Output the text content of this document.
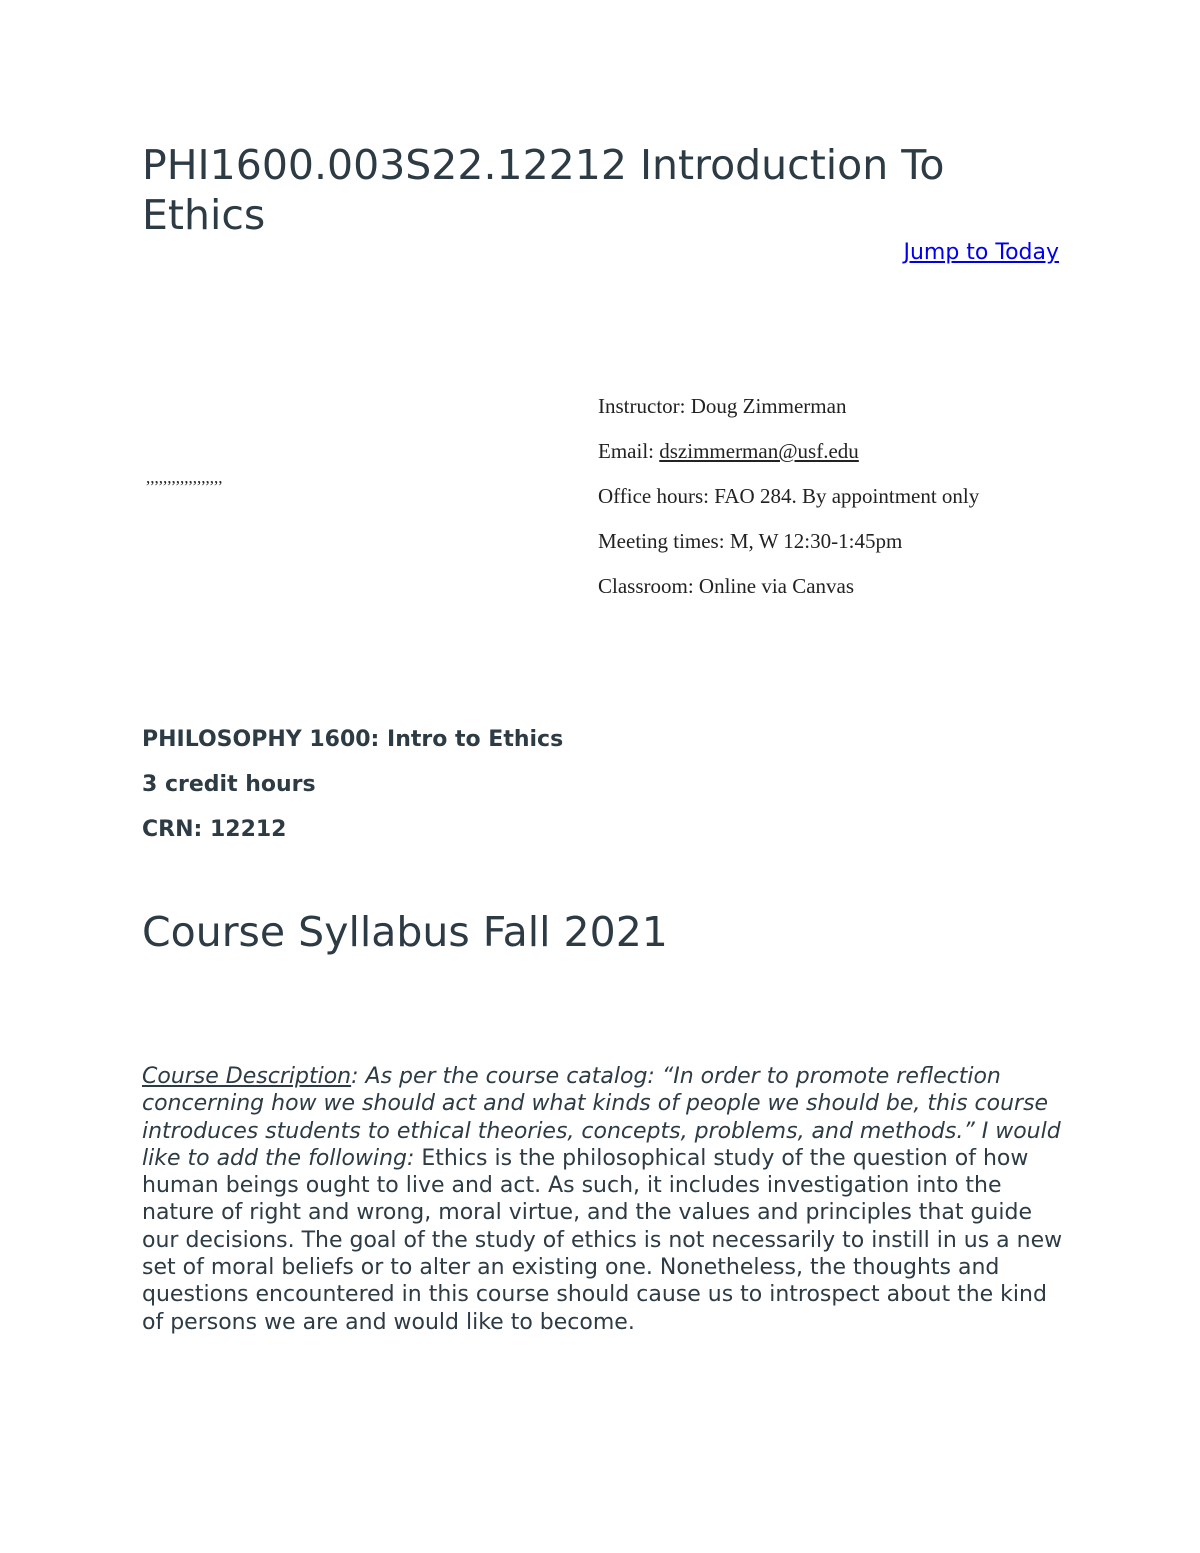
PHI1600.003S22.12212 Introduction To Ethics
Jump to Today
,,,,,,,,,,,,,,,,,,
Instructor: Doug Zimmerman
Email: dszimmerman@usf.edu
Office hours: FAO 284. By appointment only
Meeting times: M, W 12:30-1:45pm
Classroom: Online via Canvas
PHILOSOPHY 1600: Intro to Ethics
3 credit hours
CRN: 12212
Course Syllabus Fall 2021

Course Description: As per the course catalog: “In order to promote reflection concerning how we should act and what kinds of people we should be, this course introduces students to ethical theories, concepts, problems, and methods.” I would like to add the following: Ethics is the philosophical study of the question of how human beings ought to live and act. As such, it includes investigation into the nature of right and wrong, moral virtue, and the values and principles that guide our decisions. The goal of the study of ethics is not necessarily to instill in us a new set of moral beliefs or to alter an existing one. Nonetheless, the thoughts and questions encountered in this course should cause us to introspect about the kind of persons we are and would like to become.
